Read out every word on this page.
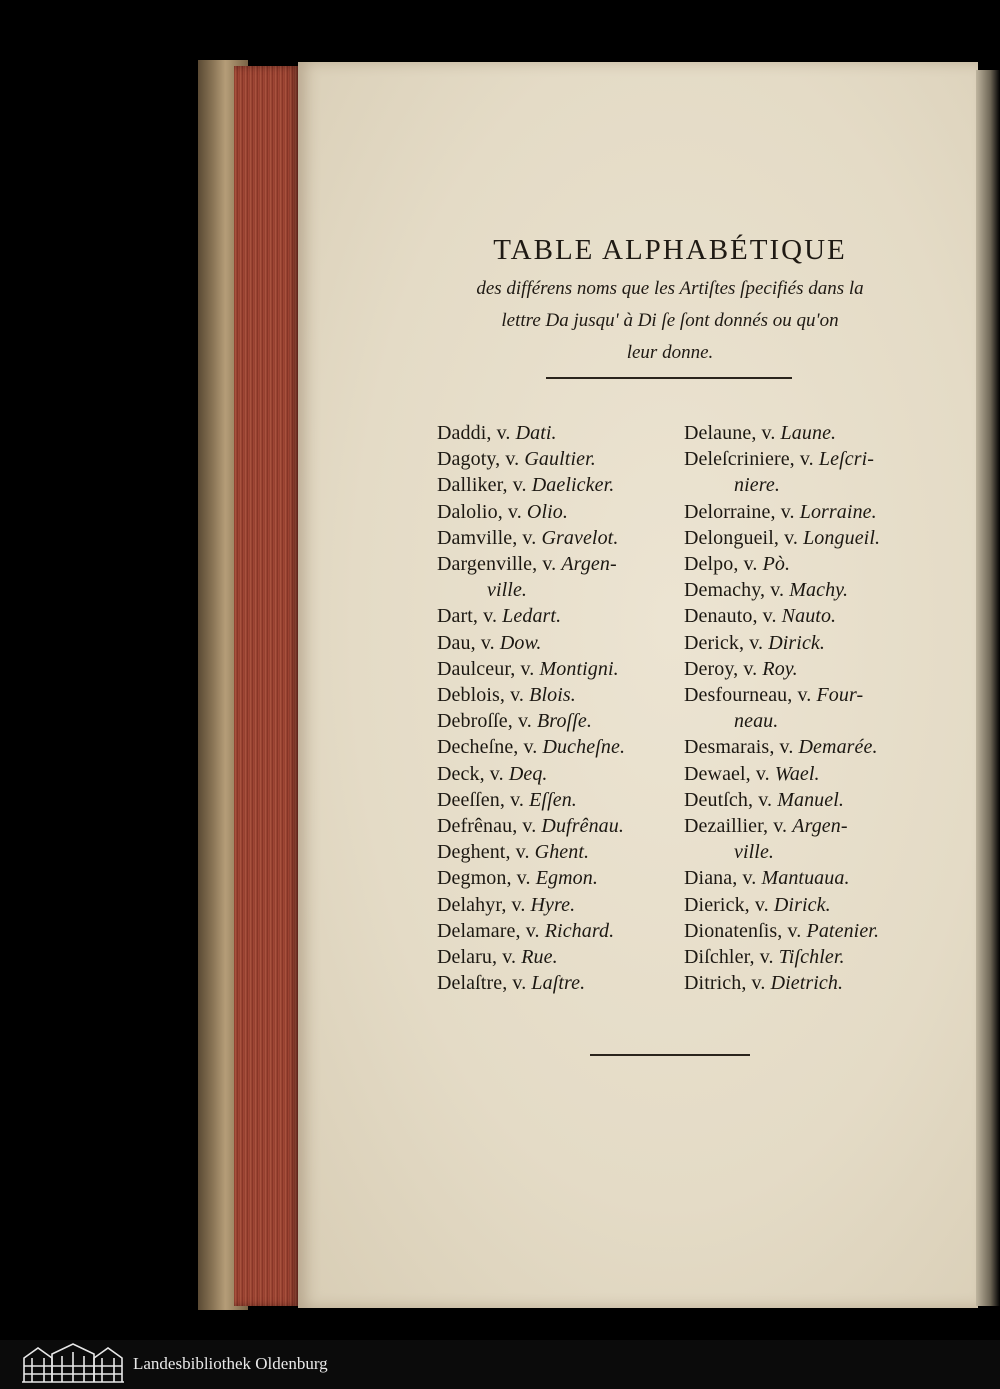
TABLE ALPHABÉTIQUE
des différens noms que les Artiſtes ſpecifiés dans la
lettre Da jusqu' à Di ſe ſont donnés ou qu'on
leur donne.
Daddi, v. Dati.
Dagoty, v. Gaultier.
Dalliker, v. Daelicker.
Dalolio, v. Olio.
Damville, v. Gravelot.
Dargenville, v. Argen-
ville.
Dart, v. Ledart.
Dau, v. Dow.
Daulceur, v. Montigni.
Deblois, v. Blois.
Debroſſe, v. Broſſe.
Decheſne, v. Ducheſne.
Deck, v. Deq.
Deeſſen, v. Eſſen.
Defrênau, v. Dufrênau.
Deghent, v. Ghent.
Degmon, v. Egmon.
Delahyr, v. Hyre.
Delamare, v. Richard.
Delaru, v. Rue.
Delaſtre, v. Laſtre.
Delaune, v. Laune.
Deleſcriniere, v. Leſcri-
niere.
Delorraine, v. Lorraine.
Delongueil, v. Longueil.
Delpo, v. Pò.
Demachy, v. Machy.
Denauto, v. Nauto.
Derick, v. Dirick.
Deroy, v. Roy.
Desfourneau, v. Four-
neau.
Desmarais, v. Demarée.
Dewael, v. Wael.
Deutſch, v. Manuel.
Dezaillier, v. Argen-
ville.
Diana, v. Mantuaua.
Dierick, v. Dirick.
Dionatenſis, v. Patenier.
Diſchler, v. Tiſchler.
Ditrich, v. Dietrich.
Landesbibliothek Oldenburg
